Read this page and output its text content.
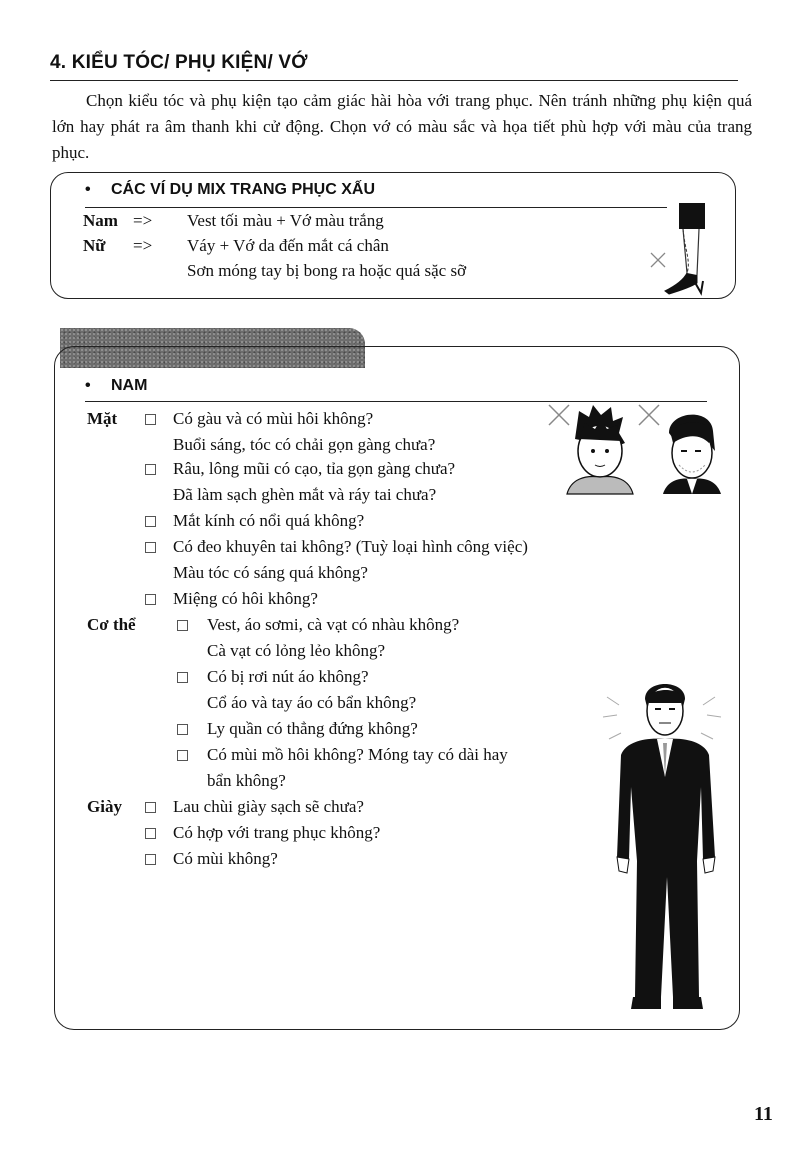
4. KIỂU TÓC/ PHỤ KIỆN/ VỚ
Chọn kiểu tóc và phụ kiện tạo cảm giác hài hòa với trang phục. Nên tránh những phụ kiện quá lớn hay phát ra âm thanh khi cử động. Chọn vớ có màu sắc và họa tiết phù hợp với màu của trang phục.
• CÁC VÍ DỤ MIX TRANG PHỤC XẤU
Nam => Vest tối màu + Vớ màu trắng
Nữ => Váy + Vớ da đến mắt cá chân
Sơn móng tay bị bong ra hoặc quá sặc sỡ
• NAM
Mặt	Có gàu và có mùi hôi không?
Buổi sáng, tóc có chải gọn gàng chưa?
Râu, lông mũi có cạo, tỉa gọn gàng chưa?
Đã làm sạch ghèn mắt và ráy tai chưa?
Mắt kính có nổi quá không?
Có đeo khuyên tai không? (Tuỳ loại hình công việc)
Màu tóc có sáng quá không?
Miệng có hôi không?
Cơ thể	Vest, áo sơmi, cà vạt có nhàu không?
Cà vạt có lỏng lẻo không?
Có bị rơi nút áo không?
Cổ áo và tay áo có bẩn không?
Ly quần có thẳng đứng không?
Có mùi mồ hôi không? Móng tay có dài hay
bẩn không?
Giày	Lau chùi giày sạch sẽ chưa?
Có hợp với trang phục không?
Có mùi không?
11
